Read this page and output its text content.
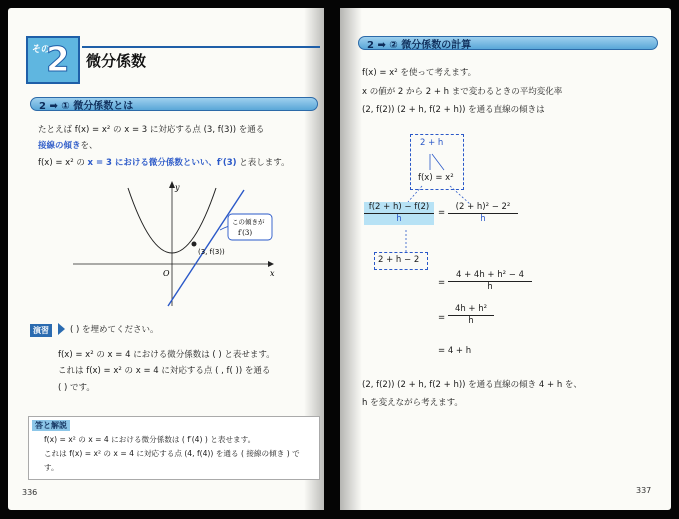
その
2 微分係数
2 ➡ ① 微分係数とは
たとえば f(x) = x² の x = 3 に対応する点 (3, f(3)) を通る
接線の傾きを、
f(x) = x² の x = 3 における微分係数といい、f′(3) と表します。
y
x
O
(3, f(3))
この傾きが
f′(3)
演習	( ) を埋めてください。
f(x) = x² の x = 4 における微分係数は ( ) と表せます。
これは f(x) = x² の x = 4 に対応する点 ( , f( )) を通る
( ) です。
答と解説
f(x) = x² の x = 4 における微分係数は ( f′(4) ) と表せます。
これは f(x) = x² の x = 4 に対応する点 (4, f(4)) を通る ( 接線の傾き ) で
す。
336
2 ➡ ② 微分係数の計算
f(x) = x² を使って考えます。
x の値が 2 から 2 + h まで変わるときの平均変化率
(2, f(2)) (2 + h, f(2 + h)) を通る直線の傾きは
2 + h
f(x) = x²
$\frac{f(2 + h) - f(2)}{h} = \frac{\text{(2 + h)² − 2²}}{h}$
2 + h − 2
= $\frac{\text{4 + 4h + h² − 4}}{h}$
= $\frac{\text{4h + h²}}{h}$
= 4 + h
(2, f(2)) (2 + h, f(2 + h)) を通る直線の傾き 4 + h を、
h を変えながら考えます。
337
